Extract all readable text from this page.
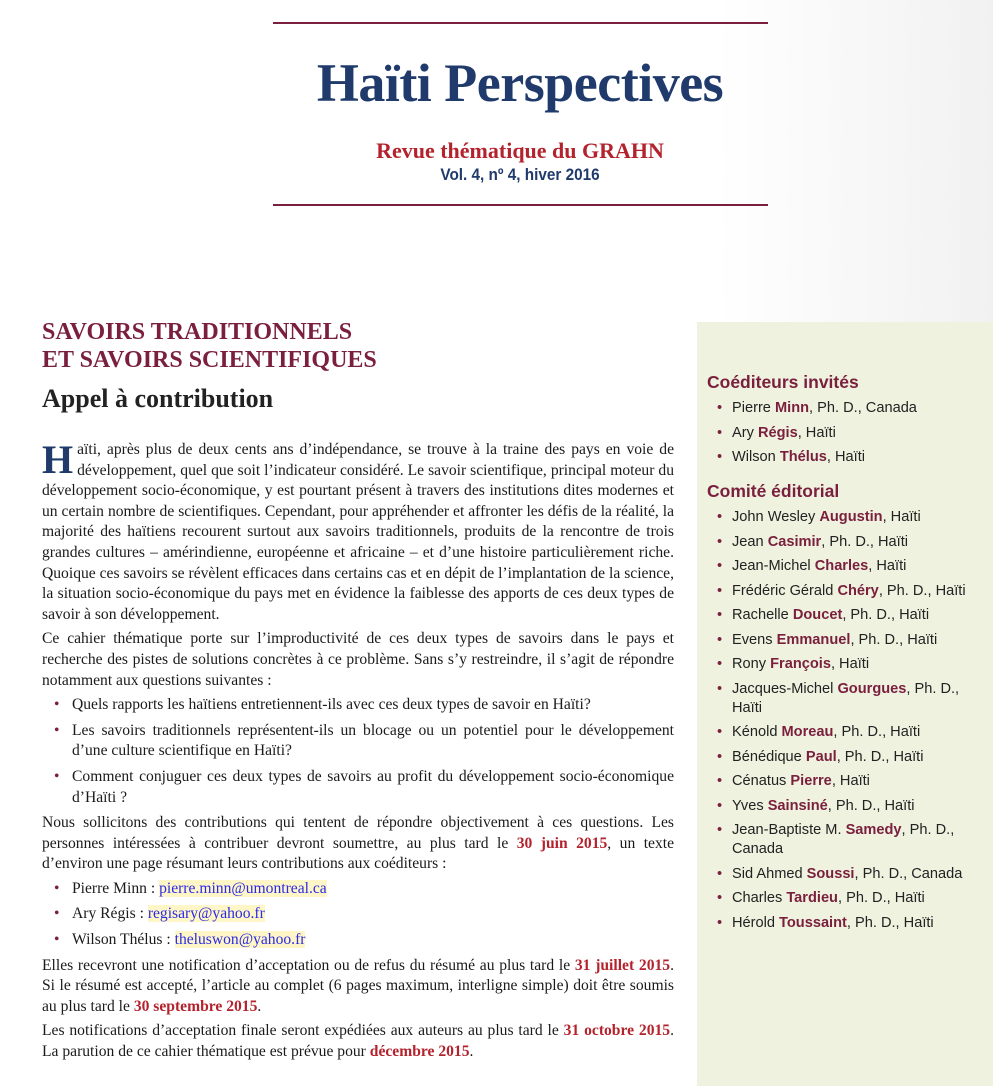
Haïti Perspectives
Revue thématique du GRAHN
Vol. 4, nº 4, hiver 2016
SAVOIRS TRADITIONNELS
ET SAVOIRS SCIENTIFIQUES
Appel à contribution

Haïti, après plus de deux cents ans d’indépendance, se trouve à la traine des pays en voie de développement, quel que soit l’indicateur considéré. Le savoir scientifique, principal moteur du développement socio-économique, y est pourtant présent à travers des institutions dites modernes et un certain nombre de scientifiques. Cependant, pour appréhender et affronter les défis de la réalité, la majorité des haïtiens recourent surtout aux savoirs traditionnels, produits de la rencontre de trois grandes cultures – amérindienne, européenne et africaine – et d’une histoire particulièrement riche. Quoique ces savoirs se révèlent efficaces dans certains cas et en dépit de l’implantation de la science, la situation socio-économique du pays met en évidence la faiblesse des apports de ces deux types de savoir à son développement.

Ce cahier thématique porte sur l’improductivité de ces deux types de savoirs dans le pays et recherche des pistes de solutions concrètes à ce problème. Sans s’y restreindre, il s’agit de répondre notamment aux questions suivantes :

• Quels rapports les haïtiens entretiennent-ils avec ces deux types de savoir en Haïti?
• Les savoirs traditionnels représentent-ils un blocage ou un potentiel pour le développement d’une culture scientifique en Haïti?
• Comment conjuguer ces deux types de savoirs au profit du développement socio-économique d’Haïti ?

Nous sollicitons des contributions qui tentent de répondre objectivement à ces questions. Les personnes intéressées à contribuer devront soumettre, au plus tard le 30 juin 2015, un texte d’environ une page résumant leurs contributions aux coéditeurs :

• Pierre Minn : pierre.minn@umontreal.ca
• Ary Régis : regisary@yahoo.fr
• Wilson Thélus : theluswon@yahoo.fr

Elles recevront une notification d’acceptation ou de refus du résumé au plus tard le 31 juillet 2015. Si le résumé est accepté, l’article au complet (6 pages maximum, interligne simple) doit être soumis au plus tard le 30 septembre 2015.

Les notifications d’acceptation finale seront expédiées aux auteurs au plus tard le 31 octobre 2015. La parution de ce cahier thématique est prévue pour décembre 2015.

Coéditeurs invités
• Pierre Minn, Ph. D., Canada
• Ary Régis, Haïti
• Wilson Thélus, Haïti
Comité éditorial
• John Wesley Augustin, Haïti
• Jean Casimir, Ph. D., Haïti
• Jean-Michel Charles, Haïti
• Frédéric Gérald Chéry, Ph. D., Haïti
• Rachelle Doucet, Ph. D., Haïti
• Evens Emmanuel, Ph. D., Haïti
• Rony François, Haïti
• Jacques-Michel Gourgues, Ph. D., Haïti
• Kénold Moreau, Ph. D., Haïti
• Bénédique Paul, Ph. D., Haïti
• Cénatus Pierre, Haïti
• Yves Sainsiné, Ph. D., Haïti
• Jean-Baptiste M. Samedy, Ph. D., Canada
• Sid Ahmed Soussi, Ph. D., Canada
• Charles Tardieu, Ph. D., Haïti
• Hérold Toussaint, Ph. D., Haïti
